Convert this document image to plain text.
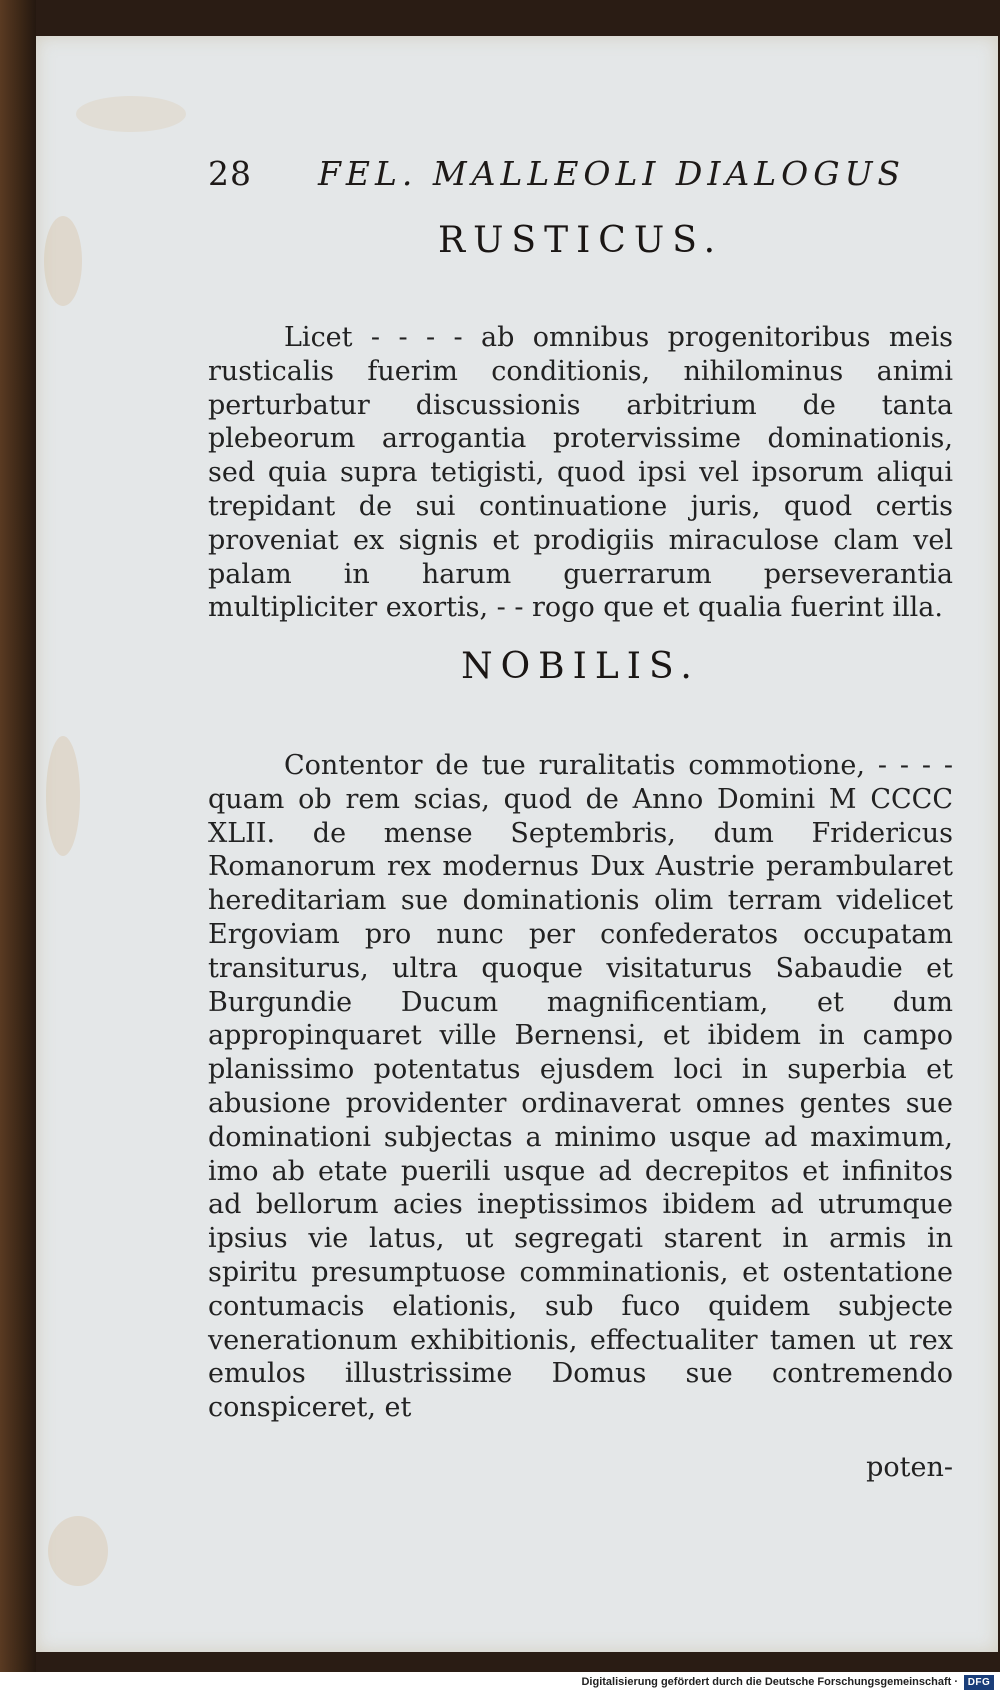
28 FEL. MALLEOLI DIALOGUS
RUSTICUS.

Licet - - - - ab omnibus progenitoribus meis rusticalis fuerim conditionis, nihilominus animi perturbatur discussionis arbitrium de tanta plebeorum arrogantia protervissime dominationis, sed quia supra tetigisti, quod ipsi vel ipsorum aliqui trepidant de sui continuatione juris, quod certis proveniat ex signis et prodigiis miraculose clam vel palam in harum guerrarum perseverantia multipliciter exortis, - - rogo que et qualia fuerint illa.

NOBILIS.

Contentor de tue ruralitatis commotione, - - - - quam ob rem scias, quod de Anno Domini M CCCC XLII. de mense Septembris, dum Fridericus Romanorum rex modernus Dux Austrie perambularet hereditariam sue dominationis olim terram videlicet Ergoviam pro nunc per confederatos occupatam transiturus, ultra quoque visitaturus Sabaudie et Burgundie Ducum magnificentiam, et dum appropinquaret ville Bernensi, et ibidem in campo planissimo potentatus ejusdem loci in superbia et abusione providenter ordinaverat omnes gentes sue dominationi subjectas a minimo usque ad maximum, imo ab etate puerili usque ad decrepitos et infinitos ad bellorum acies ineptissimos ibidem ad utrumque ipsius vie latus, ut segregati starent in armis in spiritu presumptuose comminationis, et ostentatione contumacis elationis, sub fuco quidem subjecte venerationum exhibitionis, effectualiter tamen ut rex emulos illustrissime Domus sue contremendo conspiceret, et

poten-
Digitalisierung gefördert durch die Deutsche Forschungsgemeinschaft · DFG
